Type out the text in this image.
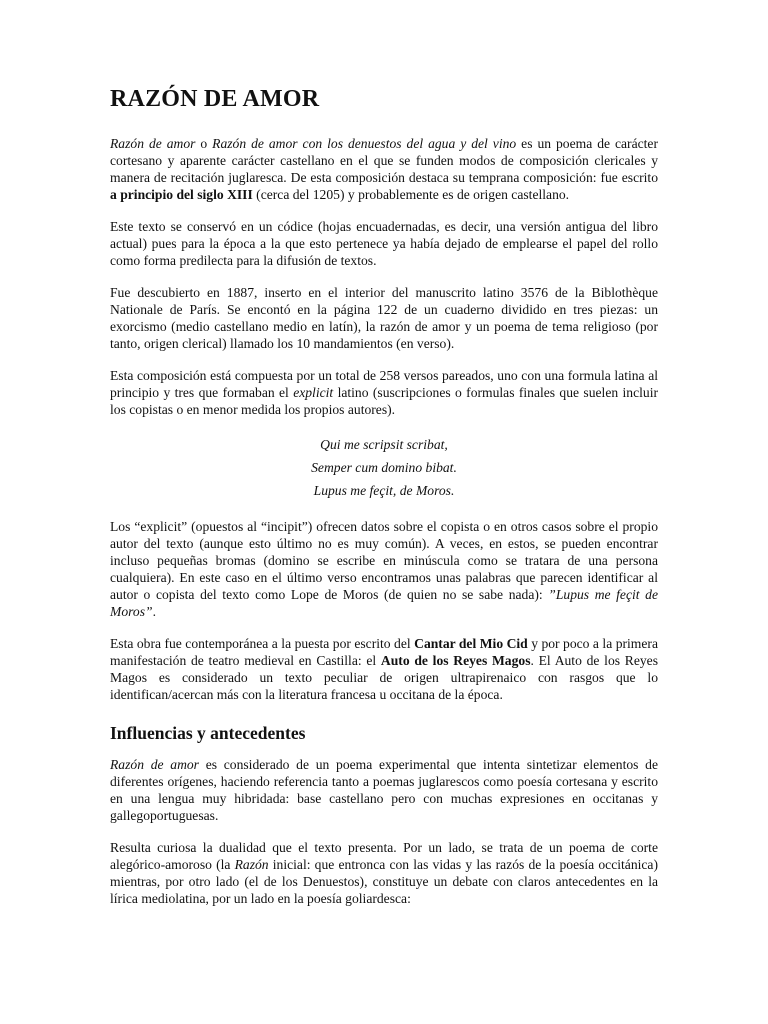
RAZÓN DE AMOR

Razón de amor o Razón de amor con los denuestos del agua y del vino es un poema de carácter cortesano y aparente carácter castellano en el que se funden modos de composición clericales y manera de recitación juglaresca. De esta composición destaca su temprana composición: fue escrito a principio del siglo XIII (cerca del 1205) y probablemente es de origen castellano.

Este texto se conservó en un códice (hojas encuadernadas, es decir, una versión antigua del libro actual) pues para la época a la que esto pertenece ya había dejado de emplearse el papel del rollo como forma predilecta para la difusión de textos.

Fue descubierto en 1887, inserto en el interior del manuscrito latino 3576 de la Biblothèque Nationale de París. Se encontó en la página 122 de un cuaderno dividido en tres piezas: un exorcismo (medio castellano medio en latín), la razón de amor y un poema de tema religioso (por tanto, origen clerical) llamado los 10 mandamientos (en verso).

Esta composición está compuesta por un total de 258 versos pareados, uno con una formula latina al principio y tres que formaban el explicit latino (suscripciones o formulas finales que suelen incluir los copistas o en menor medida los propios autores).

Qui me scripsit scribat,
Semper cum domino bibat.
Lupus me feçit, de Moros.

Los “explicit” (opuestos al “incipit”) ofrecen datos sobre el copista o en otros casos sobre el propio autor del texto (aunque esto último no es muy común). A veces, en estos, se pueden encontrar incluso pequeñas bromas (domino se escribe en minúscula como se tratara de una persona cualquiera). En este caso en el último verso encontramos unas palabras que parecen identificar al autor o copista del texto como Lope de Moros (de quien no se sabe nada): ”Lupus me feçit de Moros”.

Esta obra fue contemporánea a la puesta por escrito del Cantar del Mio Cid y por poco a la primera manifestación de teatro medieval en Castilla: el Auto de los Reyes Magos. El Auto de los Reyes Magos es considerado un texto peculiar de origen ultrapirenaico con rasgos que lo identifican/acercan más con la literatura francesa u occitana de la época.

Influencias y antecedentes

Razón de amor es considerado de un poema experimental que intenta sintetizar elementos de diferentes orígenes, haciendo referencia tanto a poemas juglarescos como poesía cortesana y escrito en una lengua muy hibridada: base castellano pero con muchas expresiones en occitanas y gallegoportuguesas.

Resulta curiosa la dualidad que el texto presenta. Por un lado, se trata de un poema de corte alegórico-amoroso (la Razón inicial: que entronca con las vidas y las razós de la poesía occitánica) mientras, por otro lado (el de los Denuestos), constituye un debate con claros antecedentes en la lírica mediolatina, por un lado en la poesía goliardesca:
